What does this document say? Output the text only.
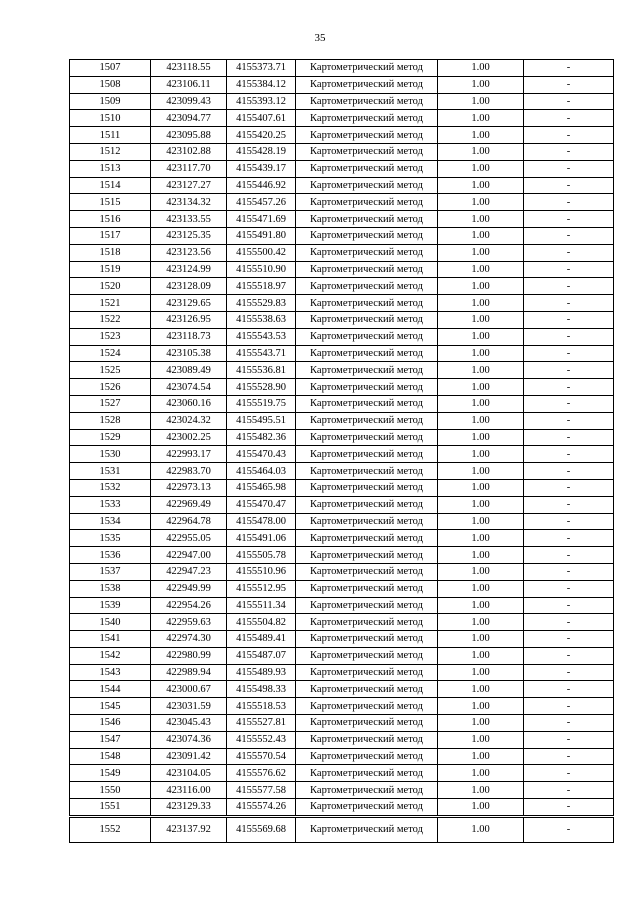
35
1507	423118.55	4155373.71	Картометрический метод	1.00	-
1508	423106.11	4155384.12	Картометрический метод	1.00	-
1509	423099.43	4155393.12	Картометрический метод	1.00	-
1510	423094.77	4155407.61	Картометрический метод	1.00	-
1511	423095.88	4155420.25	Картометрический метод	1.00	-
1512	423102.88	4155428.19	Картометрический метод	1.00	-
1513	423117.70	4155439.17	Картометрический метод	1.00	-
1514	423127.27	4155446.92	Картометрический метод	1.00	-
1515	423134.32	4155457.26	Картометрический метод	1.00	-
1516	423133.55	4155471.69	Картометрический метод	1.00	-
1517	423125.35	4155491.80	Картометрический метод	1.00	-
1518	423123.56	4155500.42	Картометрический метод	1.00	-
1519	423124.99	4155510.90	Картометрический метод	1.00	-
1520	423128.09	4155518.97	Картометрический метод	1.00	-
1521	423129.65	4155529.83	Картометрический метод	1.00	-
1522	423126.95	4155538.63	Картометрический метод	1.00	-
1523	423118.73	4155543.53	Картометрический метод	1.00	-
1524	423105.38	4155543.71	Картометрический метод	1.00	-
1525	423089.49	4155536.81	Картометрический метод	1.00	-
1526	423074.54	4155528.90	Картометрический метод	1.00	-
1527	423060.16	4155519.75	Картометрический метод	1.00	-
1528	423024.32	4155495.51	Картометрический метод	1.00	-
1529	423002.25	4155482.36	Картометрический метод	1.00	-
1530	422993.17	4155470.43	Картометрический метод	1.00	-
1531	422983.70	4155464.03	Картометрический метод	1.00	-
1532	422973.13	4155465.98	Картометрический метод	1.00	-
1533	422969.49	4155470.47	Картометрический метод	1.00	-
1534	422964.78	4155478.00	Картометрический метод	1.00	-
1535	422955.05	4155491.06	Картометрический метод	1.00	-
1536	422947.00	4155505.78	Картометрический метод	1.00	-
1537	422947.23	4155510.96	Картометрический метод	1.00	-
1538	422949.99	4155512.95	Картометрический метод	1.00	-
1539	422954.26	4155511.34	Картометрический метод	1.00	-
1540	422959.63	4155504.82	Картометрический метод	1.00	-
1541	422974.30	4155489.41	Картометрический метод	1.00	-
1542	422980.99	4155487.07	Картометрический метод	1.00	-
1543	422989.94	4155489.93	Картометрический метод	1.00	-
1544	423000.67	4155498.33	Картометрический метод	1.00	-
1545	423031.59	4155518.53	Картометрический метод	1.00	-
1546	423045.43	4155527.81	Картометрический метод	1.00	-
1547	423074.36	4155552.43	Картометрический метод	1.00	-
1548	423091.42	4155570.54	Картометрический метод	1.00	-
1549	423104.05	4155576.62	Картометрический метод	1.00	-
1550	423116.00	4155577.58	Картометрический метод	1.00	-
1551	423129.33	4155574.26	Картометрический метод	1.00	-
1552	423137.92	4155569.68	Картометрический метод	1.00	-
